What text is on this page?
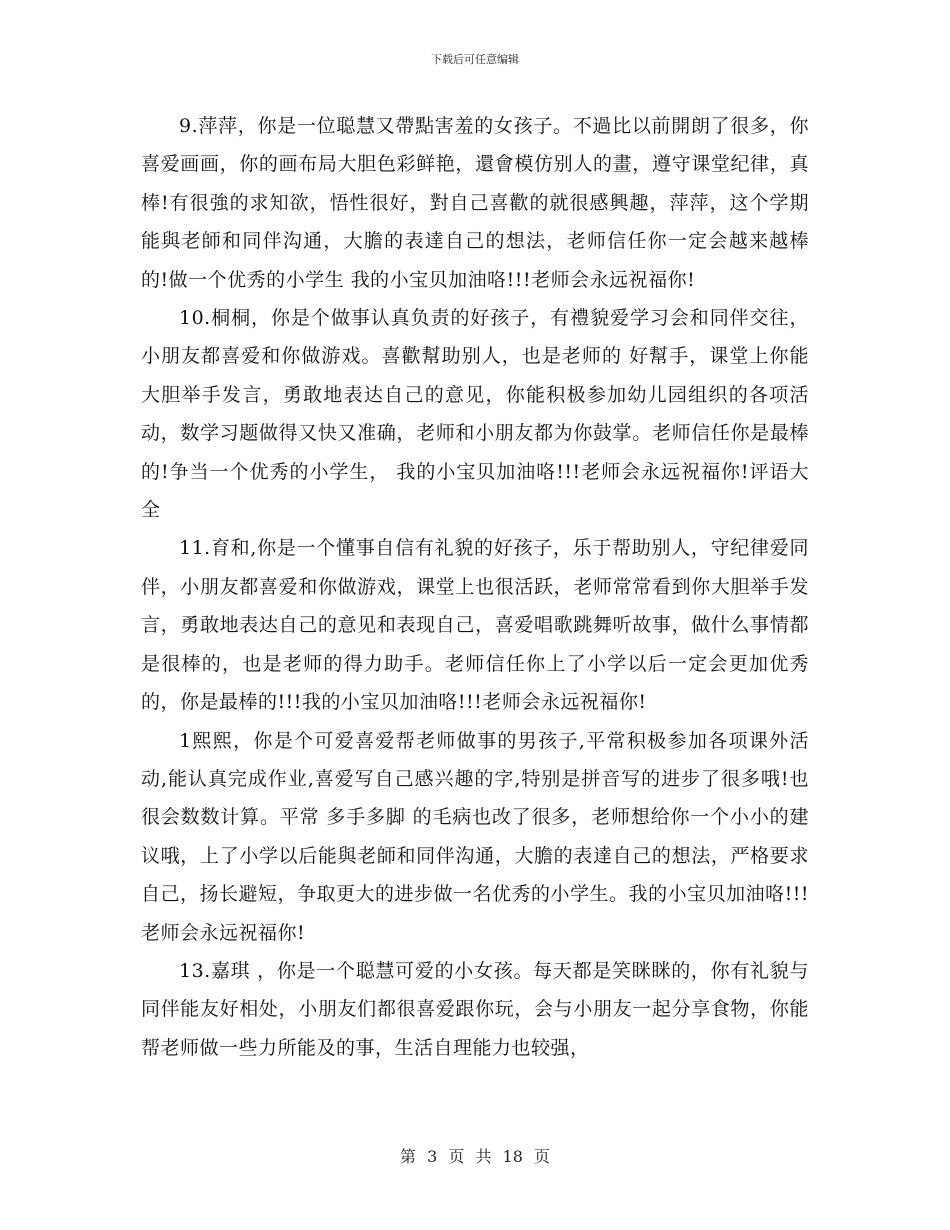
下载后可任意编辑

9.萍萍，你是一位聪慧又帶點害羞的女孩子。不過比以前開朗了很多，你喜爱画画，你的画布局大胆色彩鲜艳，還會模仿别人的畫，遵守课堂纪律，真棒!有很強的求知欲，悟性很好，對自己喜歡的就很感興趣，萍萍，这个学期能與老師和同伴沟通，大膽的表達自己的想法，老师信任你一定会越来越棒的!做一个优秀的小学生 我的小宝贝加油咯!!!老师会永远祝福你!

10.桐桐，你是个做事认真负责的好孩子，有禮貌爱学习会和同伴交往，小朋友都喜爱和你做游戏。喜歡幫助别人，也是老师的 好幫手，课堂上你能大胆举手发言，勇敢地表达自己的意见，你能积极参加幼儿园组织的各项活动，数学习题做得又快又准确，老师和小朋友都为你鼓掌。老师信任你是最棒的!争当一个优秀的小学生， 我的小宝贝加油咯!!!老师会永远祝福你!评语大全

11.育和,你是一个懂事自信有礼貌的好孩子，乐于帮助别人，守纪律爱同伴，小朋友都喜爱和你做游戏，课堂上也很活跃，老师常常看到你大胆举手发言，勇敢地表达自己的意见和表现自己，喜爱唱歌跳舞听故事，做什么事情都是很棒的，也是老师的得力助手。老师信任你上了小学以后一定会更加优秀的，你是最棒的!!!我的小宝贝加油咯!!!老师会永远祝福你!

1熙熙，你是个可爱喜爱帮老师做事的男孩子,平常积极参加各项课外活动,能认真完成作业,喜爱写自己感兴趣的字,特别是拼音写的进步了很多哦!也很会数数计算。平常 多手多脚 的毛病也改了很多，老师想给你一个小小的建议哦，上了小学以后能與老師和同伴沟通，大膽的表達自己的想法，严格要求自己，扬长避短，争取更大的进步做一名优秀的小学生。我的小宝贝加油咯!!!老师会永远祝福你!

13.嘉琪 ，你是一个聪慧可爱的小女孩。每天都是笑眯眯的，你有礼貌与同伴能友好相处，小朋友们都很喜爱跟你玩，会与小朋友一起分享食物，你能帮老师做一些力所能及的事，生活自理能力也较强，

第 3 页 共 18 页
